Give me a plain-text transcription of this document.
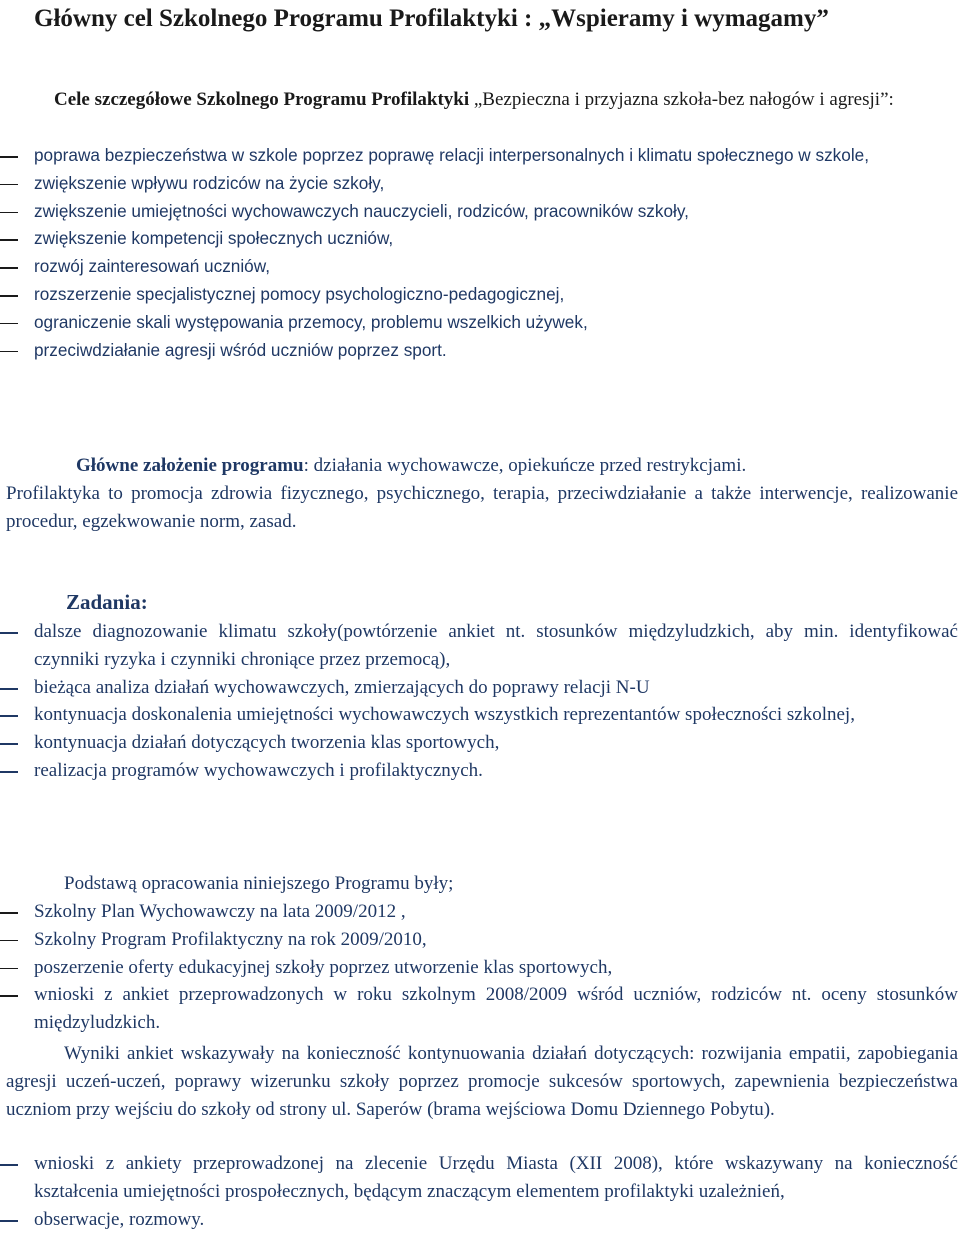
Główny cel Szkolnego Programu Profilaktyki : „Wspieramy i wymagamy”
Cele szczegółowe Szkolnego Programu Profilaktyki „Bezpieczna i przyjazna szkoła-bez nałogów i agresji”:
poprawa bezpieczeństwa w szkole poprzez poprawę relacji interpersonalnych i klimatu społecznego w szkole,
zwiększenie wpływu rodziców na życie szkoły,
zwiększenie umiejętności wychowawczych nauczycieli, rodziców, pracowników szkoły,
zwiększenie kompetencji społecznych uczniów,
rozwój zainteresowań uczniów,
rozszerzenie specjalistycznej pomocy psychologiczno-pedagogicznej,
ograniczenie skali występowania przemocy, problemu wszelkich używek,
przeciwdziałanie agresji wśród uczniów poprzez sport.
Główne założenie programu: działania wychowawcze, opiekuńcze przed restrykcjami.
Profilaktyka to promocja zdrowia fizycznego, psychicznego, terapia, przeciwdziałanie a także interwencje, realizowanie procedur, egzekwowanie norm, zasad.
Zadania:
dalsze diagnozowanie klimatu szkoły(powtórzenie ankiet nt. stosunków międzyludzkich, aby min. identyfikować czynniki ryzyka i czynniki chroniące przez przemocą),
bieżąca analiza działań wychowawczych, zmierzających do poprawy relacji N-U
kontynuacja doskonalenia umiejętności wychowawczych wszystkich reprezentantów społeczności szkolnej,
kontynuacja działań dotyczących tworzenia klas sportowych,
realizacja programów wychowawczych i profilaktycznych.
Podstawą opracowania niniejszego Programu były;
Szkolny Plan Wychowawczy na lata 2009/2012 ,
Szkolny Program Profilaktyczny na rok 2009/2010,
poszerzenie oferty edukacyjnej szkoły poprzez utworzenie klas sportowych,
wnioski z ankiet przeprowadzonych w roku szkolnym 2008/2009 wśród uczniów, rodziców nt. oceny stosunków międzyludzkich.
Wyniki ankiet wskazywały na konieczność kontynuowania działań dotyczących: rozwijania empatii, zapobiegania agresji uczeń-uczeń, poprawy wizerunku szkoły poprzez promocje sukcesów sportowych, zapewnienia bezpieczeństwa uczniom przy wejściu do szkoły od strony ul. Saperów (brama wejściowa Domu Dziennego Pobytu).
wnioski z ankiety przeprowadzonej na zlecenie Urzędu Miasta (XII 2008), które wskazywany na konieczność kształcenia umiejętności prospołecznych, będącym znaczącym elementem profilaktyki uzależnień,
obserwacje, rozmowy.
